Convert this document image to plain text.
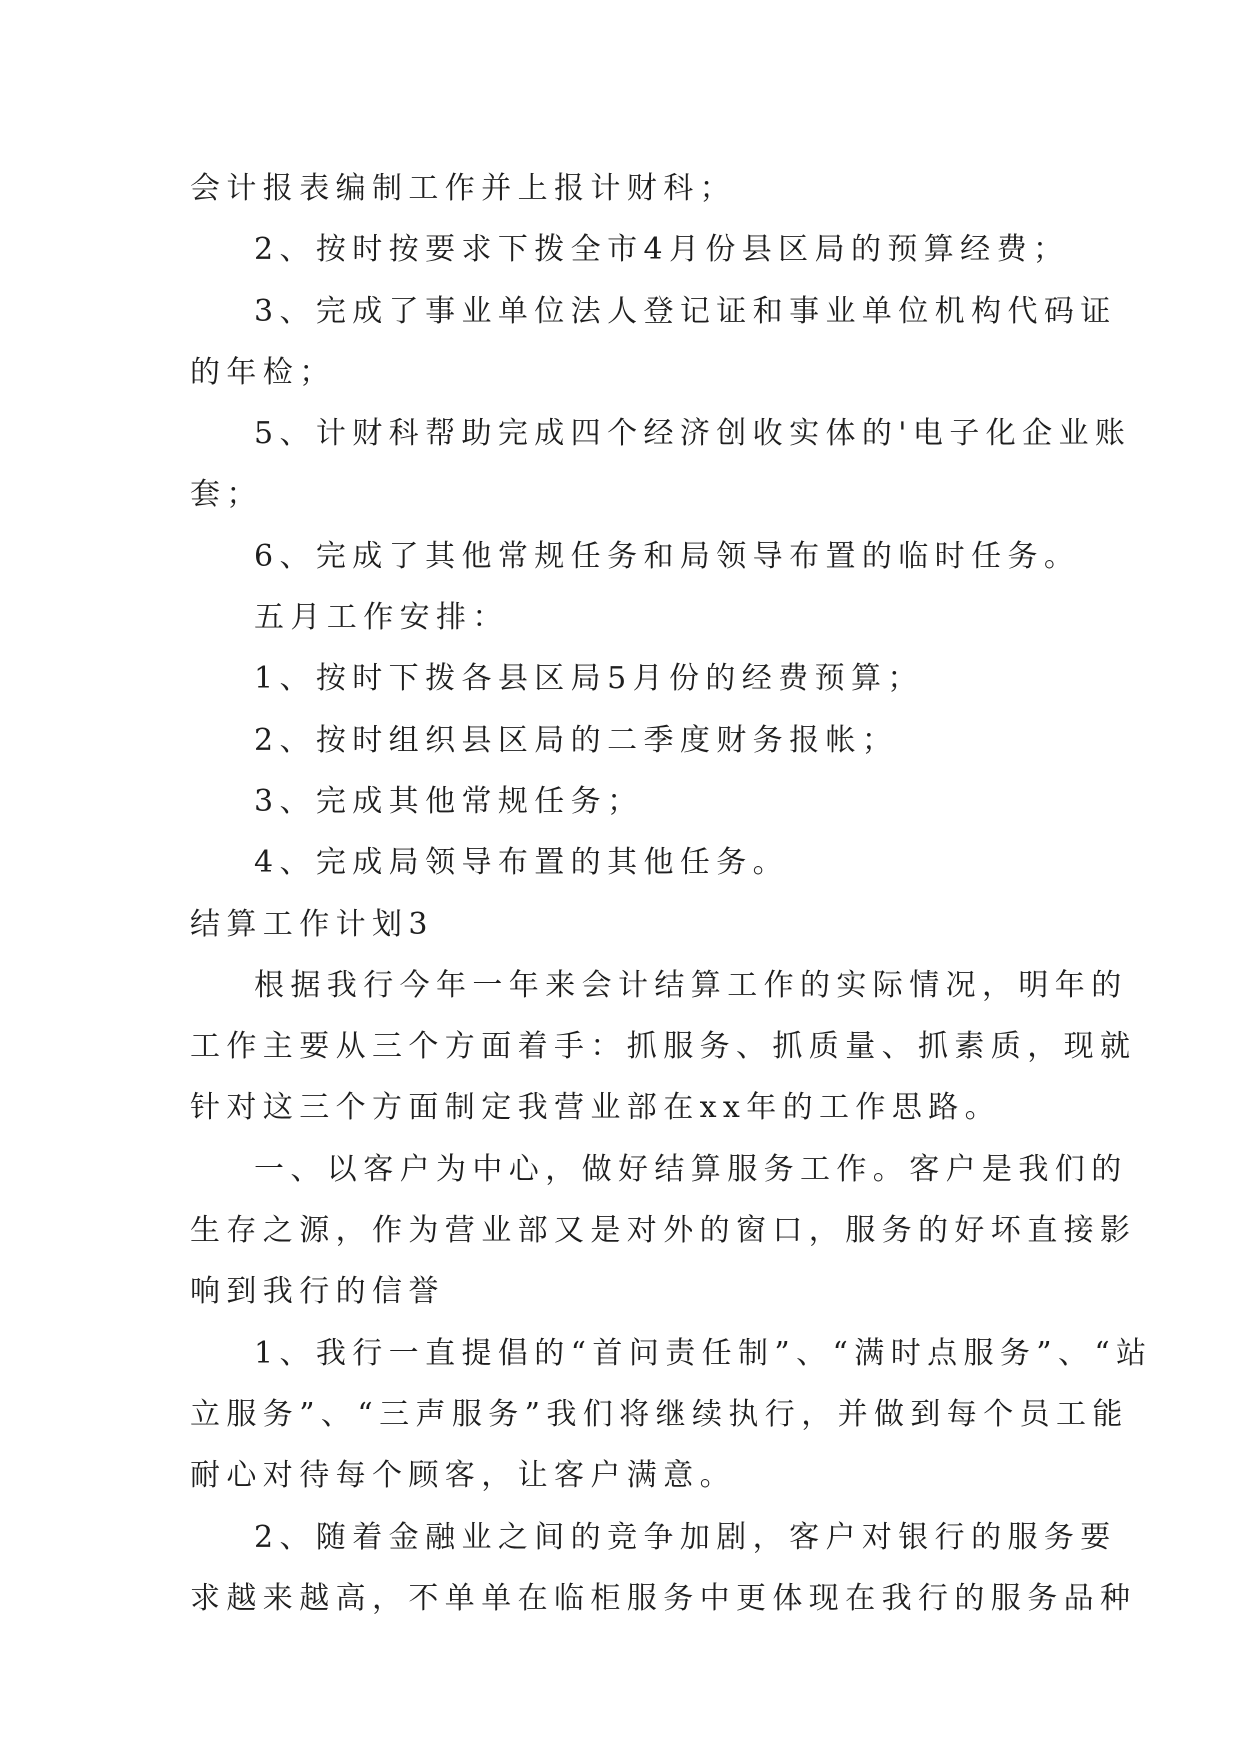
会计报表编制工作并上报计财科；
2、按时按要求下拨全市4月份县区局的预算经费；
3、完成了事业单位法人登记证和事业单位机构代码证
的年检；
5、计财科帮助完成四个经济创收实体的'电子化企业账
套；
6、完成了其他常规任务和局领导布置的临时任务。
五月工作安排：
1、按时下拨各县区局5月份的经费预算；
2、按时组织县区局的二季度财务报帐；
3、完成其他常规任务；
4、完成局领导布置的其他任务。
结算工作计划3
根据我行今年一年来会计结算工作的实际情况，明年的
工作主要从三个方面着手：抓服务、抓质量、抓素质，现就
针对这三个方面制定我营业部在xx年的工作思路。
一、以客户为中心，做好结算服务工作。客户是我们的
生存之源，作为营业部又是对外的窗口，服务的好坏直接影
响到我行的信誉
1、我行一直提倡的“首问责任制”、“满时点服务”、“站
立服务”、“三声服务”我们将继续执行，并做到每个员工能
耐心对待每个顾客，让客户满意。
2、随着金融业之间的竞争加剧，客户对银行的服务要
求越来越高，不单单在临柜服务中更体现在我行的服务品种
